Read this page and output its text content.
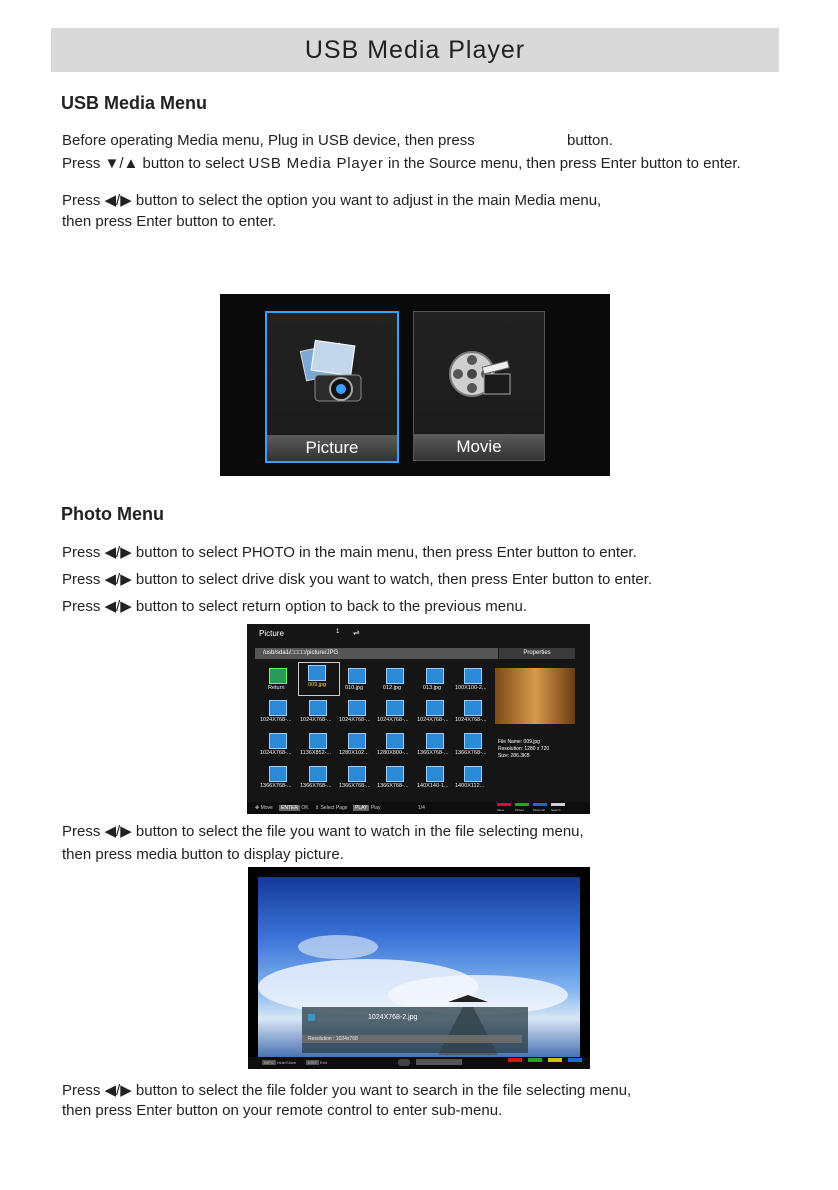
USB Media Player
USB Media Menu
Before operating Media menu, Plug in USB device, then press	button.
Press ▼/▲ button to select USB Media Player in the Source menu, then press Enter button to enter.
Press ◀/▶ button to select the option you want to adjust in the main Media menu,
then press Enter button to enter.
Picture	Movie
Photo Menu
Press ◀/▶ button to select PHOTO in the main menu, then press Enter button to enter.
Press ◀/▶ button to select drive disk you want to watch, then press Enter button to enter.
Press ◀/▶ button to select return option to back to the previous menu.
Picture	1 ⇌
/usb/sda1/□□□□/picture/JPG	Properties
Return	009.jpg	010.jpg	012.jpg	013.jpg	100X100-2...
1024X768-...	1024X768-...	1024X768-...	1024X768-...	1024X768-...	1024X768-...
1024X768-...	1136X852-...	1280X102...	1280X800-...	1366X768-...	1366X768-...
1366X768-...	1366X768-...	1366X768-...	1366X768-...	140X140-1...	1400X112...
File Name: 009.jpg
Resolution: 1280 x 720
Size: 286.3KB
✥ Move	ENTER OK ⇕ Select Page	PLAY Play	1/4	Move	Picture	Music All Search
Press ◀/▶ button to select the file you want to watch in the file selecting menu,
then press media button to display picture.
1024X768-2.jpg
Resolution : 1024x768
INFO Hide/Show	EXIT Exit
Press ◀/▶ button to select the file folder you want to search in the file selecting menu,
then press Enter button on your remote control to enter sub-menu.
